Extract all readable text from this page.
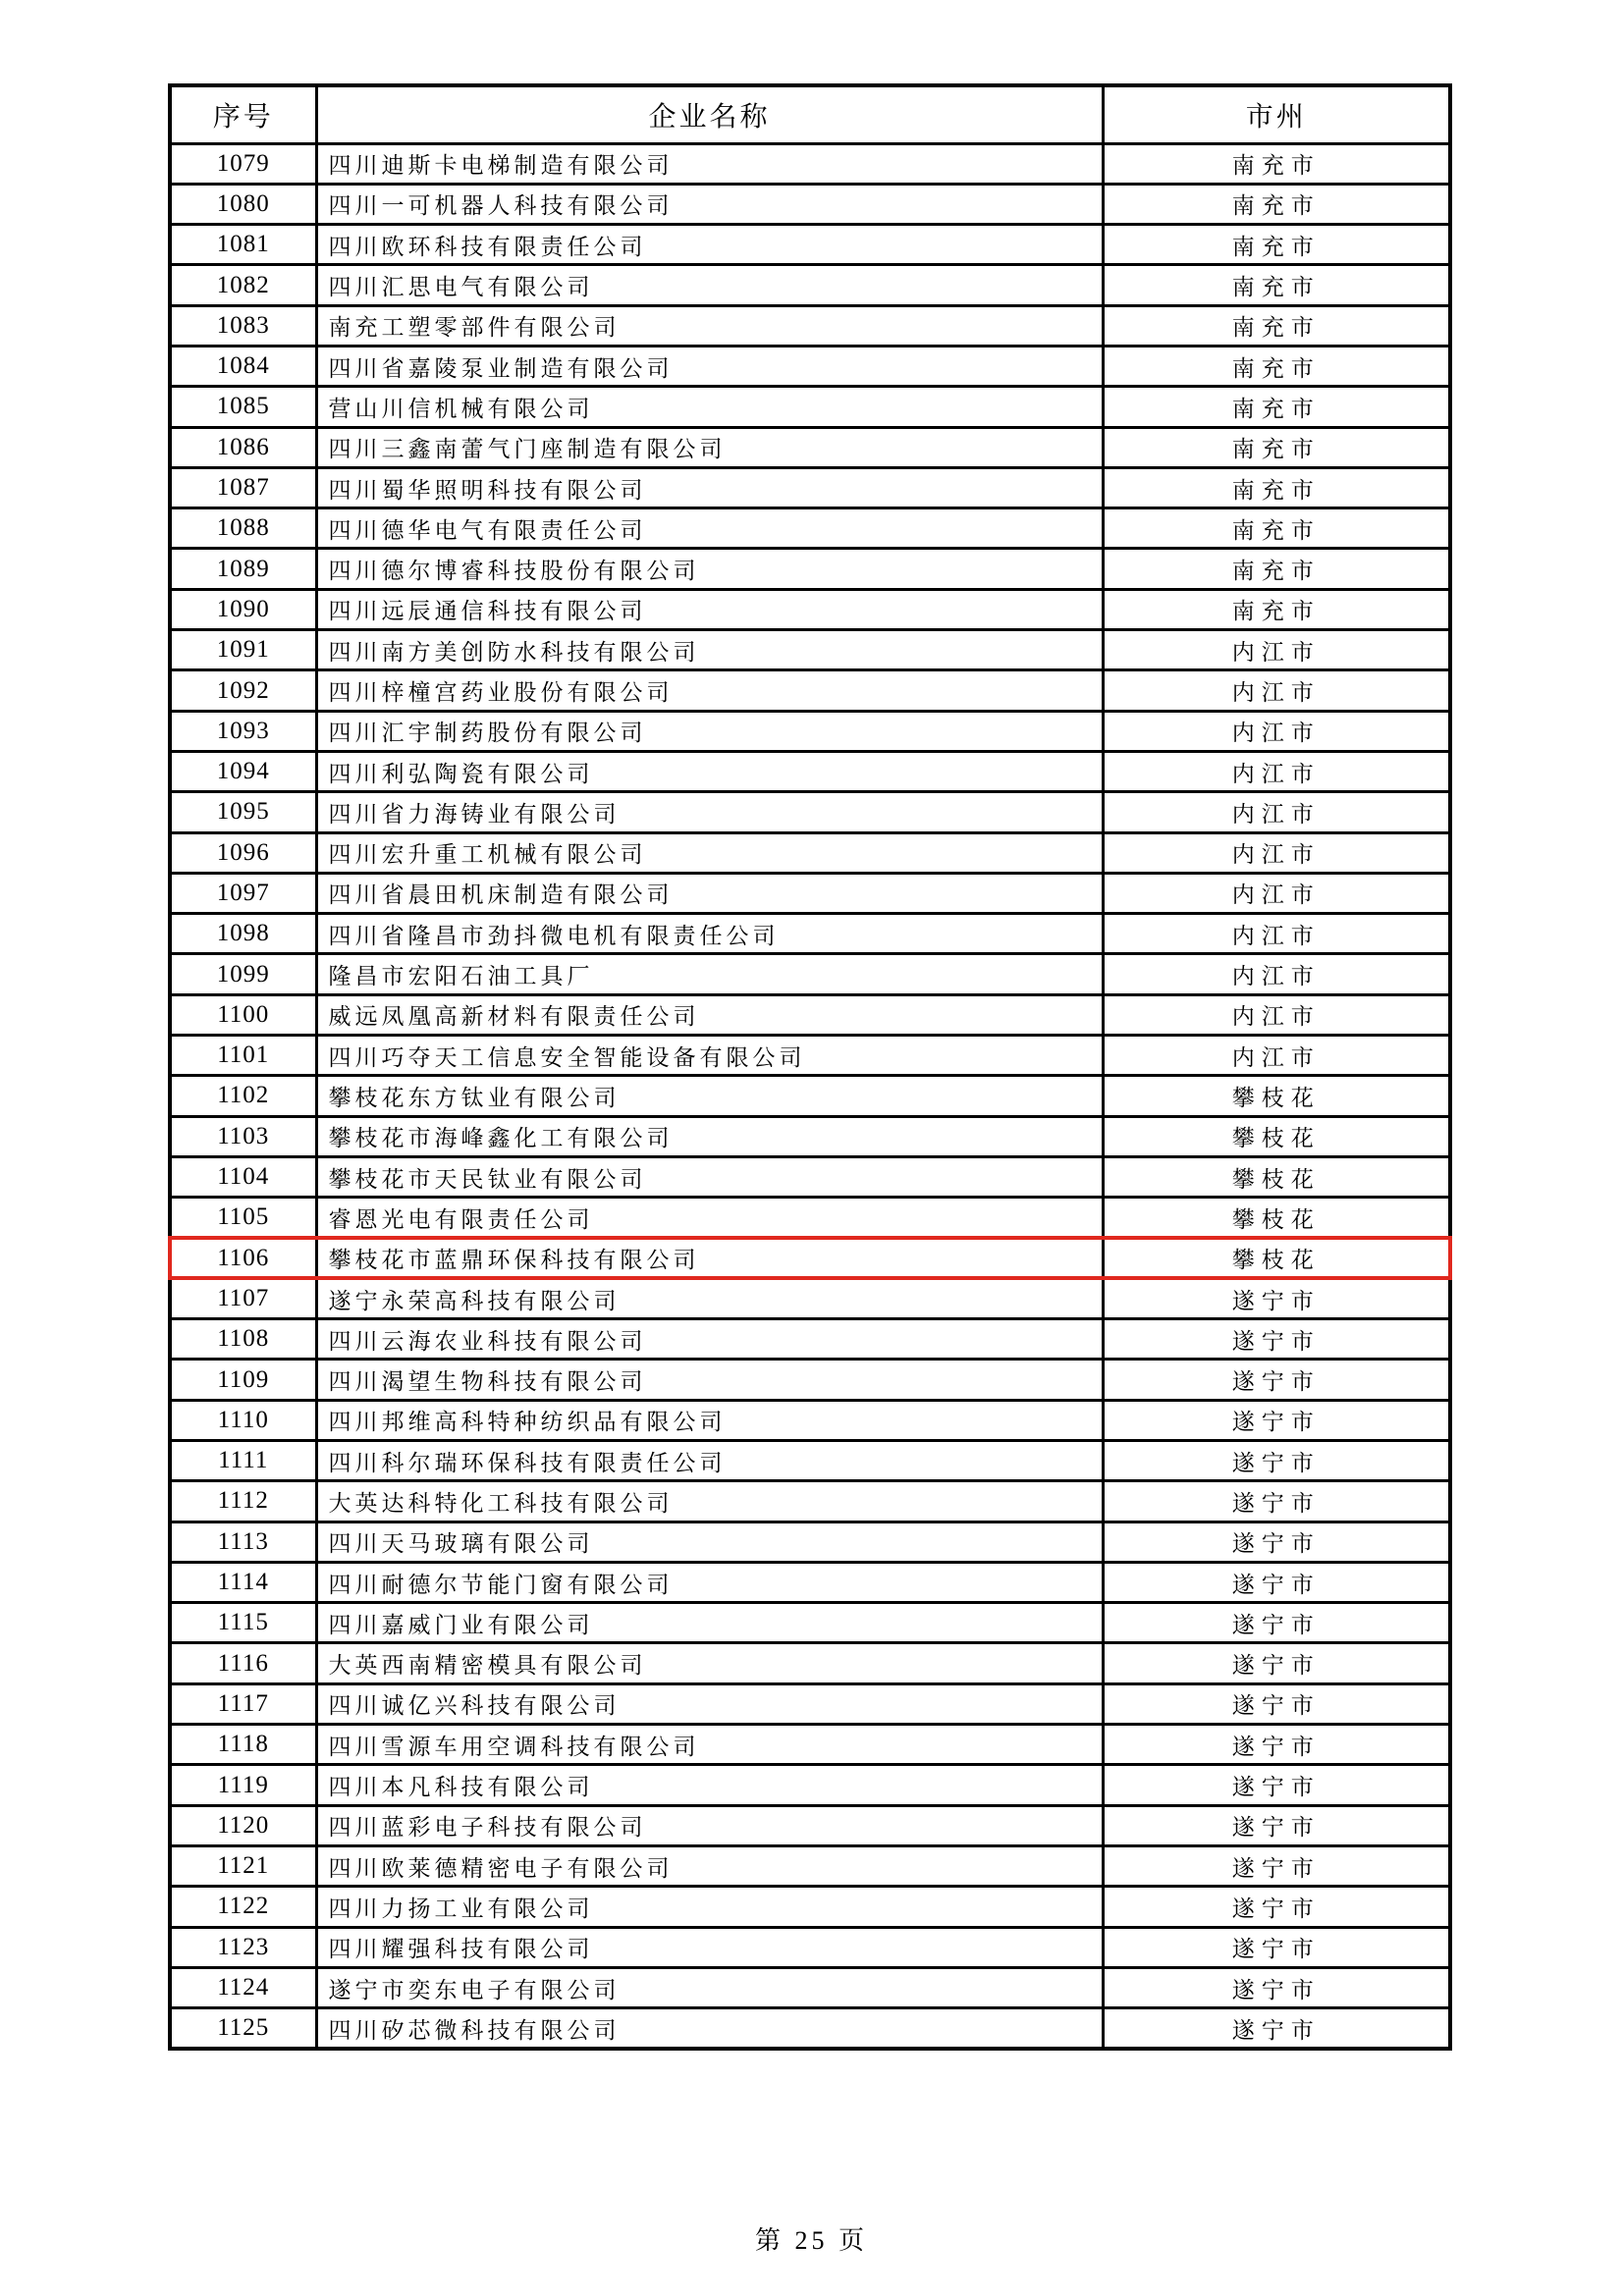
序号	企业名称	市州
1079	四川迪斯卡电梯制造有限公司	南充市
1080	四川一可机器人科技有限公司	南充市
1081	四川欧环科技有限责任公司	南充市
1082	四川汇思电气有限公司	南充市
1083	南充工塑零部件有限公司	南充市
1084	四川省嘉陵泵业制造有限公司	南充市
1085	营山川信机械有限公司	南充市
1086	四川三鑫南蕾气门座制造有限公司	南充市
1087	四川蜀华照明科技有限公司	南充市
1088	四川德华电气有限责任公司	南充市
1089	四川德尔博睿科技股份有限公司	南充市
1090	四川远辰通信科技有限公司	南充市
1091	四川南方美创防水科技有限公司	内江市
1092	四川梓橦宫药业股份有限公司	内江市
1093	四川汇宇制药股份有限公司	内江市
1094	四川利弘陶瓷有限公司	内江市
1095	四川省力海铸业有限公司	内江市
1096	四川宏升重工机械有限公司	内江市
1097	四川省晨田机床制造有限公司	内江市
1098	四川省隆昌市劲抖微电机有限责任公司	内江市
1099	隆昌市宏阳石油工具厂	内江市
1100	威远凤凰高新材料有限责任公司	内江市
1101	四川巧夺天工信息安全智能设备有限公司	内江市
1102	攀枝花东方钛业有限公司	攀枝花
1103	攀枝花市海峰鑫化工有限公司	攀枝花
1104	攀枝花市天民钛业有限公司	攀枝花
1105	睿恩光电有限责任公司	攀枝花
1106	攀枝花市蓝鼎环保科技有限公司	攀枝花
1107	遂宁永荣高科技有限公司	遂宁市
1108	四川云海农业科技有限公司	遂宁市
1109	四川渴望生物科技有限公司	遂宁市
1110	四川邦维高科特种纺织品有限公司	遂宁市
1111	四川科尔瑞环保科技有限责任公司	遂宁市
1112	大英达科特化工科技有限公司	遂宁市
1113	四川天马玻璃有限公司	遂宁市
1114	四川耐德尔节能门窗有限公司	遂宁市
1115	四川嘉威门业有限公司	遂宁市
1116	大英西南精密模具有限公司	遂宁市
1117	四川诚亿兴科技有限公司	遂宁市
1118	四川雪源车用空调科技有限公司	遂宁市
1119	四川本凡科技有限公司	遂宁市
1120	四川蓝彩电子科技有限公司	遂宁市
1121	四川欧莱德精密电子有限公司	遂宁市
1122	四川力扬工业有限公司	遂宁市
1123	四川耀强科技有限公司	遂宁市
1124	遂宁市奕东电子有限公司	遂宁市
1125	四川矽芯微科技有限公司	遂宁市
第 25 页
